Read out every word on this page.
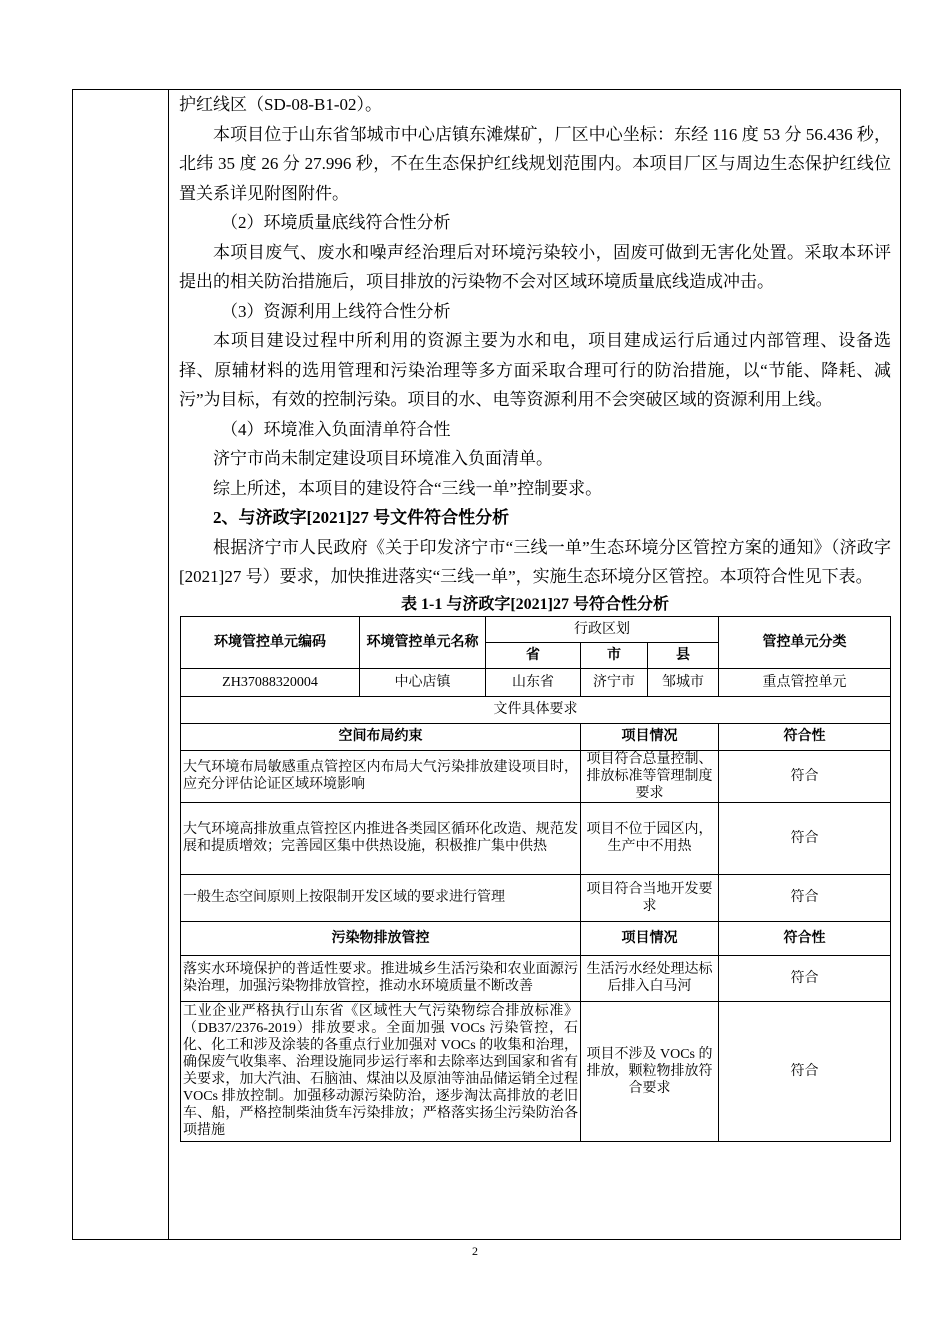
护红线区（SD-08-B1-02）。

本项目位于山东省邹城市中心店镇东滩煤矿，厂区中心坐标：东经 116 度 53 分 56.436 秒，北纬 35 度 26 分 27.996 秒，不在生态保护红线规划范围内。本项目厂区与周边生态保护红线位置关系详见附图附件。

（2）环境质量底线符合性分析

本项目废气、废水和噪声经治理后对环境污染较小，固废可做到无害化处置。采取本环评提出的相关防治措施后，项目排放的污染物不会对区域环境质量底线造成冲击。

（3）资源利用上线符合性分析

本项目建设过程中所利用的资源主要为水和电，项目建成运行后通过内部管理、设备选择、原辅材料的选用管理和污染治理等多方面采取合理可行的防治措施，以“节能、降耗、减污”为目标，有效的控制污染。项目的水、电等资源利用不会突破区域的资源利用上线。

（4）环境准入负面清单符合性

济宁市尚未制定建设项目环境准入负面清单。

综上所述，本项目的建设符合“三线一单”控制要求。

2、与济政字[2021]27 号文件符合性分析

根据济宁市人民政府《关于印发济宁市“三线一单”生态环境分区管控方案的通知》（济政字[2021]27 号）要求，加快推进落实“三线一单”，实施生态环境分区管控。本项符合性见下表。

表 1-1 与济政字[2021]27 号符合性分析
环境管控单元编码	环境管控单元名称	行政区划			管控单元分类
		省	市	县	
ZH37088320004	中心店镇	山东省	济宁市	邹城市	重点管控单元
文件具体要求					
空间布局约束			项目情况		符合性
大气环境布局敏感重点管控区内布局大气污染排放建设项目时，应充分评估论证区域环境影响			项目符合总量控制、排放标准等管理制度要求		符合
大气环境高排放重点管控区内推进各类园区循环化改造、规范发展和提质增效；完善园区集中供热设施，积极推广集中供热			项目不位于园区内，生产中不用热		符合
一般生态空间原则上按限制开发区域的要求进行管理			项目符合当地开发要求		符合
污染物排放管控			项目情况		符合性
落实水环境保护的普适性要求。推进城乡生活污染和农业面源污染治理，加强污染物排放管控，推动水环境质量不断改善			生活污水经处理达标后排入白马河		符合
工业企业严格执行山东省《区域性大气污染物综合排放标准》（DB37/2376-2019）排放要求。全面加强 VOCs 污染管控，石化、化工和涉及涂装的各重点行业加强对 VOCs 的收集和治理，确保废气收集率、治理设施同步运行率和去除率达到国家和省有关要求，加大汽油、石脑油、煤油以及原油等油品储运销全过程 VOCs 排放控制。加强移动源污染防治，逐步淘汰高排放的老旧车、船，严格控制柴油货车污染排放；严格落实扬尘污染防治各项措施			项目不涉及 VOCs 的排放，颗粒物排放符合要求		符合
2
